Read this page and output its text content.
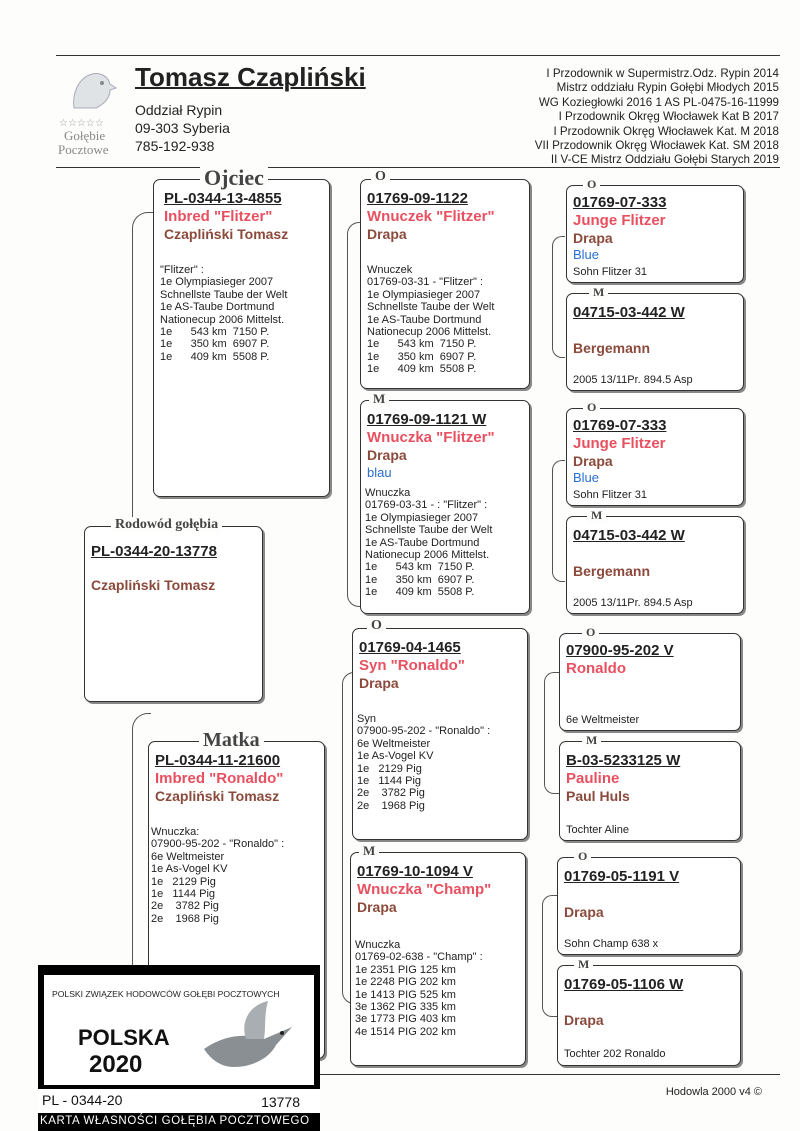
☆☆☆☆☆
Gołębie
Pocztowe
Tomasz Czapliński
Oddział Rypin
09-303 Syberia
785-192-938
I Przodownik w Supermistrz.Odz. Rypin 2014
Mistrz oddziału Rypin Gołębi Młodych 2015
WG Koziegłowki 2016 1 AS PL-0475-16-11999
I Przodownik Okręg Włocławek Kat B 2017
I Przodownik Okręg Włocławek Kat. M 2018
VII Przodownik Okręg Włocławek Kat. SM 2018
II V-CE Mistrz Oddziału Gołębi Starych 2019
Ojciec
PL-0344-13-4855
Inbred "Flitzer"
Czapliński Tomasz
"Flitzer" :
1e Olympiasieger 2007
Schnellste Taube der Welt
1e AS-Taube Dortmund
Nationecup 2006 Mittelst.
1e      543 km  7150 P.
1e      350 km  6907 P.
1e      409 km  5508 P.
Rodowód gołębia
PL-0344-20-13778
Czapliński Tomasz
Matka
PL-0344-11-21600
Imbred "Ronaldo"
Czapliński Tomasz
Wnuczka:
07900-95-202 - "Ronaldo" :
6e Weltmeister
1e As-Vogel KV
1e   2129 Pig
1e   1144 Pig
2e    3782 Pig
2e    1968 Pig
O
01769-09-1122
Wnuczek "Flitzer"
Drapa
Wnuczek
01769-03-31 - "Flitzer" :
1e Olympiasieger 2007
Schnellste Taube der Welt
1e AS-Taube Dortmund
Nationecup 2006 Mittelst.
1e      543 km  7150 P.
1e      350 km  6907 P.
1e      409 km  5508 P.
M
01769-09-1121 W
Wnuczka "Flitzer"
Drapa
blau
Wnuczka
01769-03-31 - : "Flitzer" :
1e Olympiasieger 2007
Schnellste Taube der Welt
1e AS-Taube Dortmund
Nationecup 2006 Mittelst.
1e      543 km  7150 P.
1e      350 km  6907 P.
1e      409 km  5508 P.
O
01769-04-1465
Syn "Ronaldo"
Drapa
Syn
07900-95-202 - "Ronaldo" :
6e Weltmeister
1e As-Vogel KV
1e   2129 Pig
1e   1144 Pig
2e    3782 Pig
2e    1968 Pig
M
01769-10-1094 V
Wnuczka "Champ"
Drapa
Wnuczka
01769-02-638 - "Champ" :
1e 2351 PIG 125 km
1e 2248 PIG 202 km
1e 1413 PIG 525 km
3e 1362 PIG 335 km
3e 1773 PIG 403 km
4e 1514 PIG 202 km
O
01769-07-333
Junge Flitzer
Drapa
Blue
Sohn Flitzer 31
M
04715-03-442 W
Bergemann
2005 13/11Pr. 894.5 Asp
O
01769-07-333
Junge Flitzer
Drapa
Blue
Sohn Flitzer 31
M
04715-03-442 W
Bergemann
2005 13/11Pr. 894.5 Asp
O
07900-95-202 V
Ronaldo
6e Weltmeister
M
B-03-5233125 W
Pauline
Paul Huls
Tochter Aline
O
01769-05-1191 V
Drapa
Sohn Champ 638 x
M
01769-05-1106 W
Drapa
Tochter 202 Ronaldo
Hodowla 2000 v4 ©
POLSKI ZWIĄZEK HODOWCÓW GOŁĘBI POCZTOWYCH
POLSKA
2020
PL - 0344-20	13778
KARTA WŁASNOŚCI GOŁĘBIA POCZTOWEGO
